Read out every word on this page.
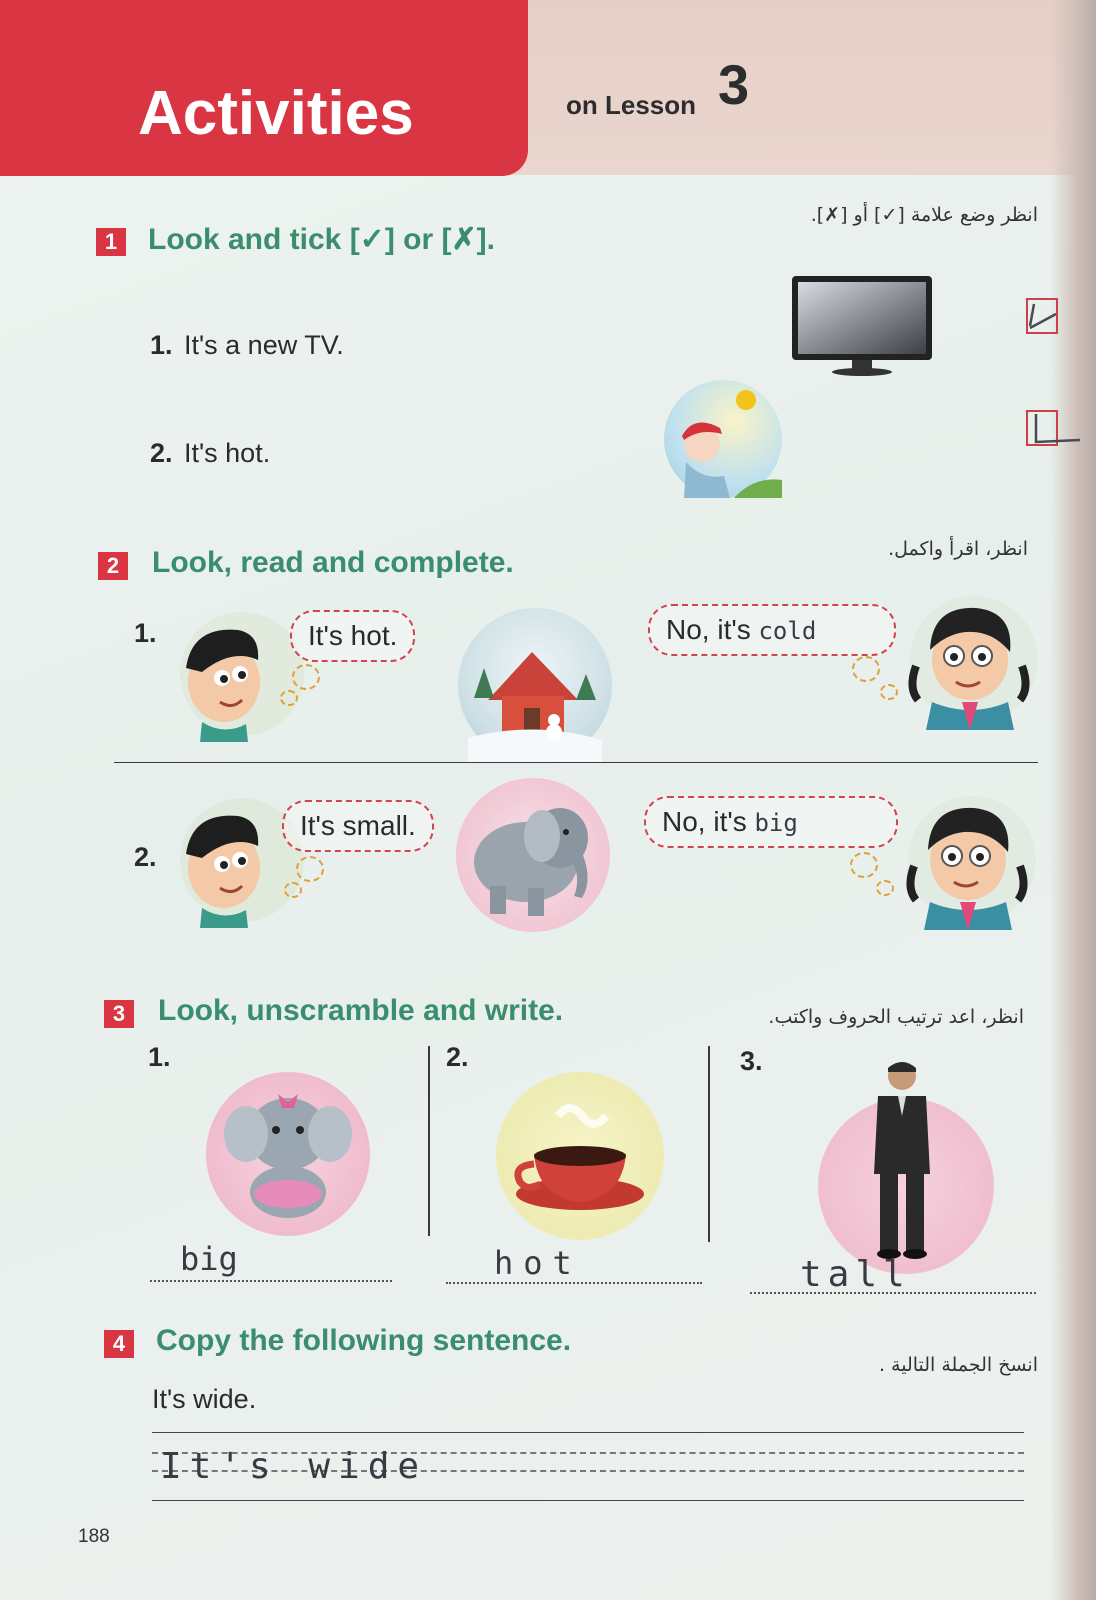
Activities	on Lesson 3
1 Look and tick [✓] or [✗].
انظر وضع علامة [✓] أو [✗].
1. It's a new TV.
2. It's hot.
2 Look, read and complete.	انظر، اقرأ واكمل.
1.	It's hot.	No, it's cold
2.
It's small.	No, it's big
3 Look, unscramble and write.	انظر، اعد ترتيب الحروف واكتب.
1.	2.	3.
big	hot	tall
4 Copy the following sentence.
انسخ الجملة التالية .
It's wide.
It's wide
188
